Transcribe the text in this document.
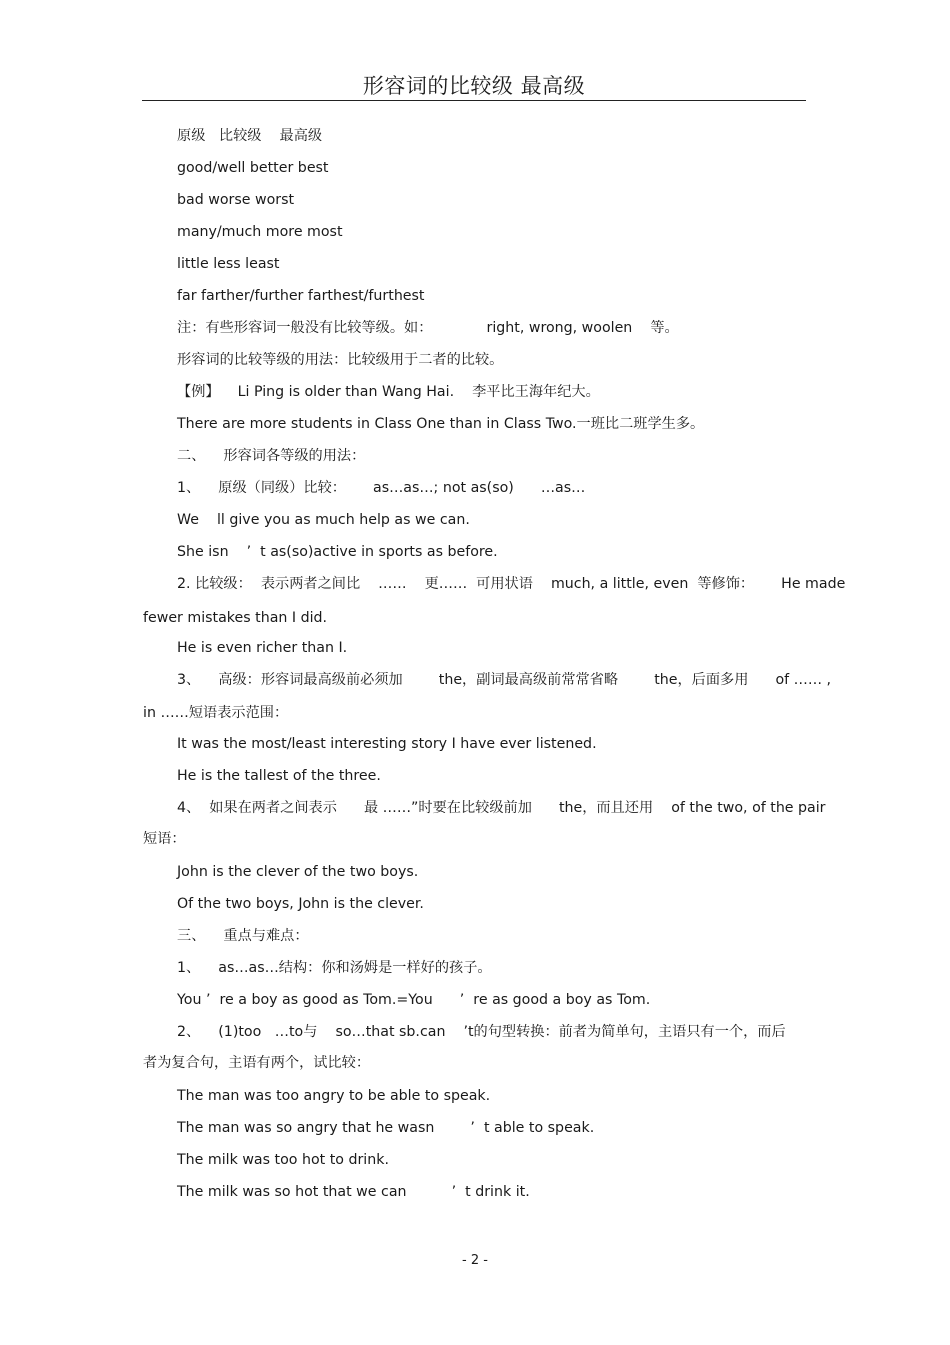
形容词的比较级 最高级
原级   比较级    最高级
good/well better best
bad worse worst
many/much more most
little less least
far farther/further farthest/furthest
注：有些形容词一般没有比较等级。如：            right, wrong, woolen    等。
形容词的比较等级的用法：比较级用于二者的比较。
【例】    Li Ping is older than Wang Hai.    李平比王海年纪大。
There are more students in Class One than in Class Two.一班比二班学生多。
二、    形容词各等级的用法：
1、    原级（同级）比较：      as…as…; not as(so)      …as…
We    ll give you as much help as we can.
She isn    ’  t as(so)active in sports as before.
2. 比较级：  表示两者之间比    ……    更……  可用状语    much, a little, even  等修饰：      He made
fewer mistakes than I did.
He is even richer than I.
3、    高级：形容词最高级前必须加        the，副词最高级前常常省略        the，后面多用      of …… ,
in ……短语表示范围：
It was the most/least interesting story I have ever listened.
He is the tallest of the three.
4、  如果在两者之间表示      最 ……”时要在比较级前加      the，而且还用    of the two, of the pair
短语：
John is the clever of the two boys.
Of the two boys, John is the clever.
三、    重点与难点：
1、    as…as…结构：你和汤姆是一样好的孩子。
You ’  re a boy as good as Tom.=You      ’  re as good a boy as Tom.
2、    (1)too   …to与    so…that sb.can    ’t的句型转换：前者为简单句，主语只有一个，而后
者为复合句，主语有两个，试比较：
The man was too angry to be able to speak.
The man was so angry that he wasn        ’  t able to speak.
The milk was too hot to drink.
The milk was so hot that we can          ’  t drink it.
- 2 -
